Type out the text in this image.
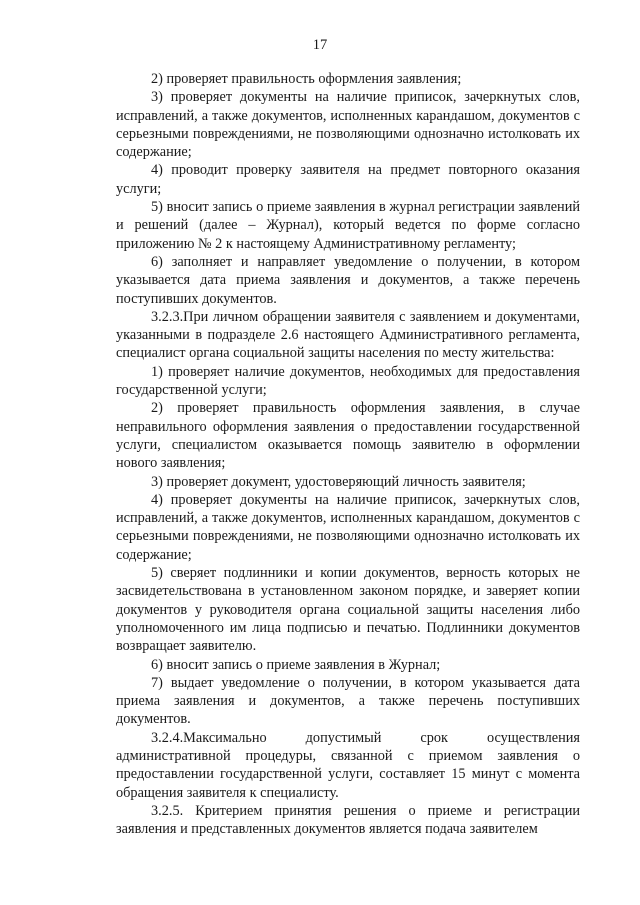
17

2) проверяет правильность оформления заявления;

3) проверяет документы на наличие приписок, зачеркнутых слов, исправлений, а также документов, исполненных карандашом, документов с серьезными повреждениями, не позволяющими однозначно истолковать их содержание;

4) проводит проверку заявителя на предмет повторного оказания услуги;

5) вносит запись о приеме заявления в журнал регистрации заявлений и решений (далее – Журнал), который ведется по форме согласно приложению № 2 к настоящему Административному регламенту;

6) заполняет и направляет уведомление о получении, в котором указывается дата приема заявления и документов, а также перечень поступивших документов.

3.2.3.При личном обращении заявителя с заявлением и документами, указанными в подразделе 2.6 настоящего Административного регламента, специалист органа социальной защиты населения по месту жительства:

1) проверяет наличие документов, необходимых для предоставления государственной услуги;

2) проверяет правильность оформления заявления, в случае неправильного оформления заявления о предоставлении государственной услуги, специалистом оказывается помощь заявителю в оформлении нового заявления;

3) проверяет документ, удостоверяющий личность заявителя;

4) проверяет документы на наличие приписок, зачеркнутых слов, исправлений, а также документов, исполненных карандашом, документов с серьезными повреждениями, не позволяющими однозначно истолковать их содержание;

5) сверяет подлинники и копии документов, верность которых не засвидетельствована в установленном законом порядке, и заверяет копии документов у руководителя органа социальной защиты населения либо уполномоченного им лица подписью и печатью. Подлинники документов возвращает заявителю.

6) вносит запись о приеме заявления в Журнал;

7) выдает уведомление о получении, в котором указывается дата приема заявления и документов, а также перечень поступивших документов.

3.2.4.Максимально допустимый срок осуществления административной процедуры, связанной с приемом заявления о предоставлении государственной услуги, составляет 15 минут с момента обращения заявителя к специалисту.

3.2.5. Критерием принятия решения о приеме и регистрации заявления и представленных документов является подача заявителем
